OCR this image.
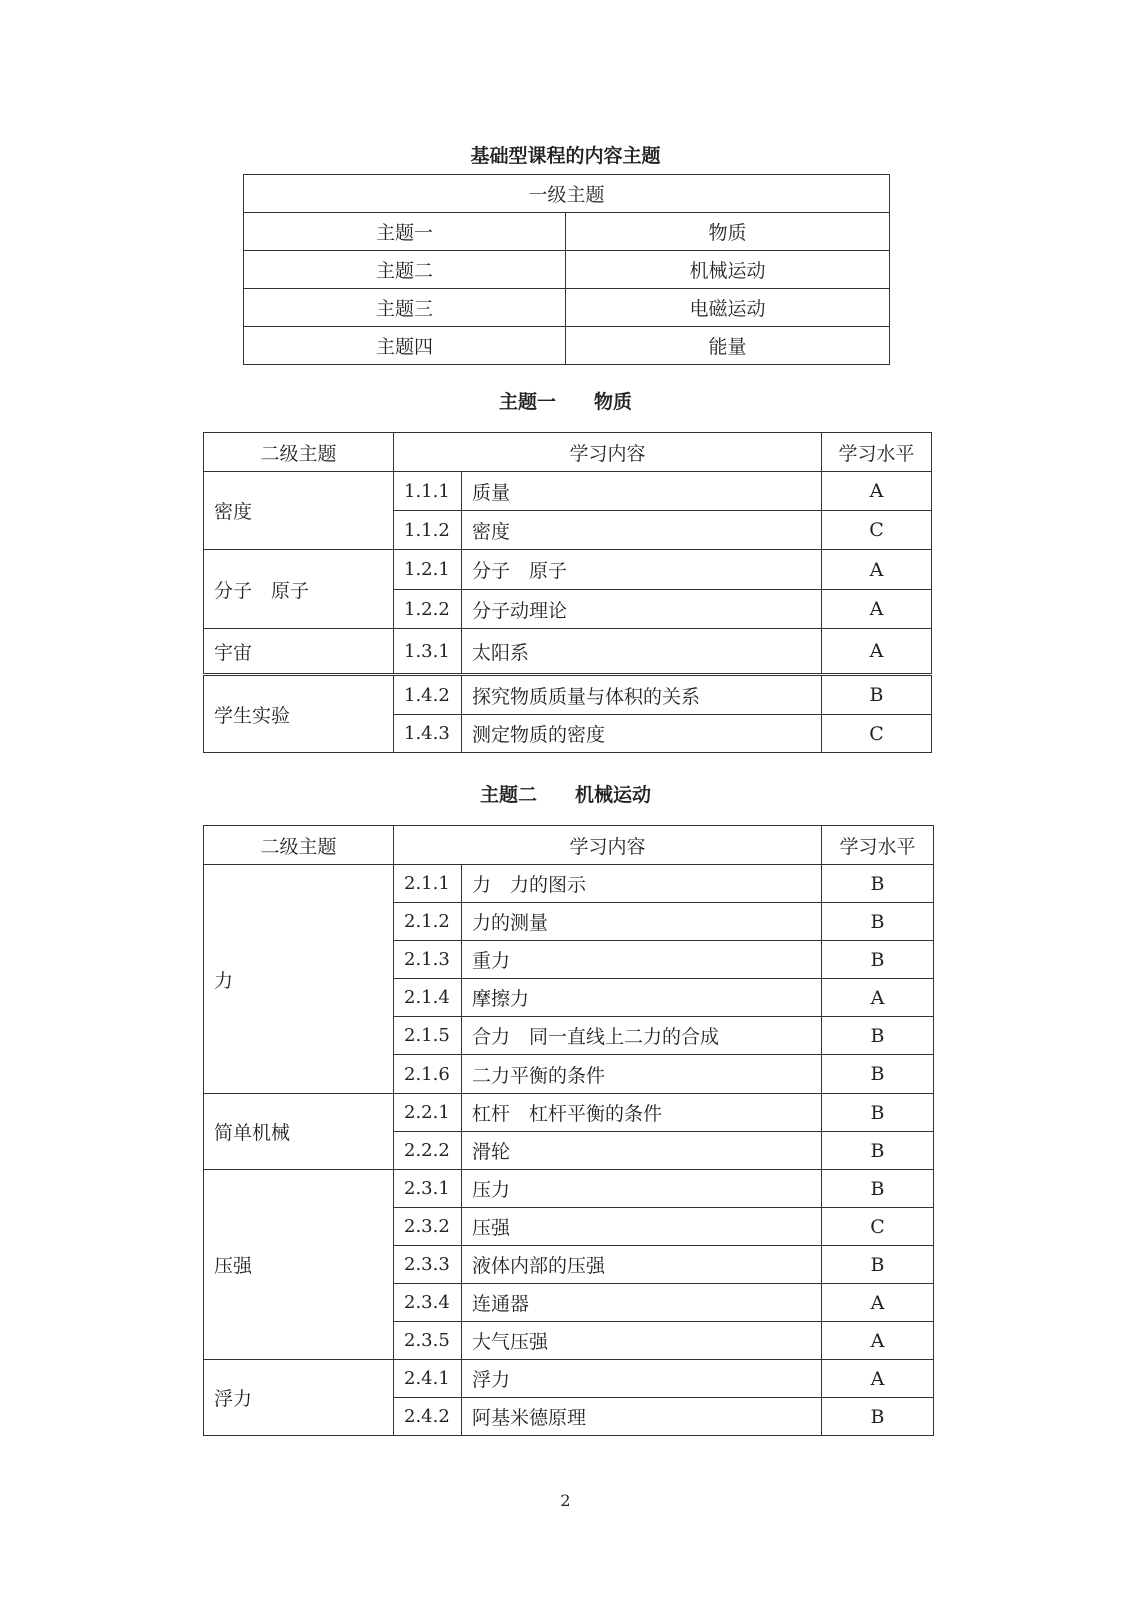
基础型课程的内容主题
一级主题	
主题一	物质
主题二	机械运动
主题三	电磁运动
主题四	能量
主题一 物质
二级主题	学习内容		学习水平
密度	1.1.1	质量	A
	1.1.2	密度	C
分子　原子	1.2.1	分子　原子	A
	1.2.2	分子动理论	A
宇宙	1.3.1	太阳系	A
学生实验	1.4.2	探究物质质量与体积的关系	B
	1.4.3	测定物质的密度	C
主题二 机械运动
二级主题	学习内容		学习水平
力	2.1.1	力　力的图示	B
	2.1.2	力的测量	B
	2.1.3	重力	B
	2.1.4	摩擦力	A
	2.1.5	合力　同一直线上二力的合成	B
	2.1.6	二力平衡的条件	B
简单机械	2.2.1	杠杆　杠杆平衡的条件	B
	2.2.2	滑轮	B
压强	2.3.1	压力	B
	2.3.2	压强	C
	2.3.3	液体内部的压强	B
	2.3.4	连通器	A
	2.3.5	大气压强	A
浮力	2.4.1	浮力	A
	2.4.2	阿基米德原理	B
2
